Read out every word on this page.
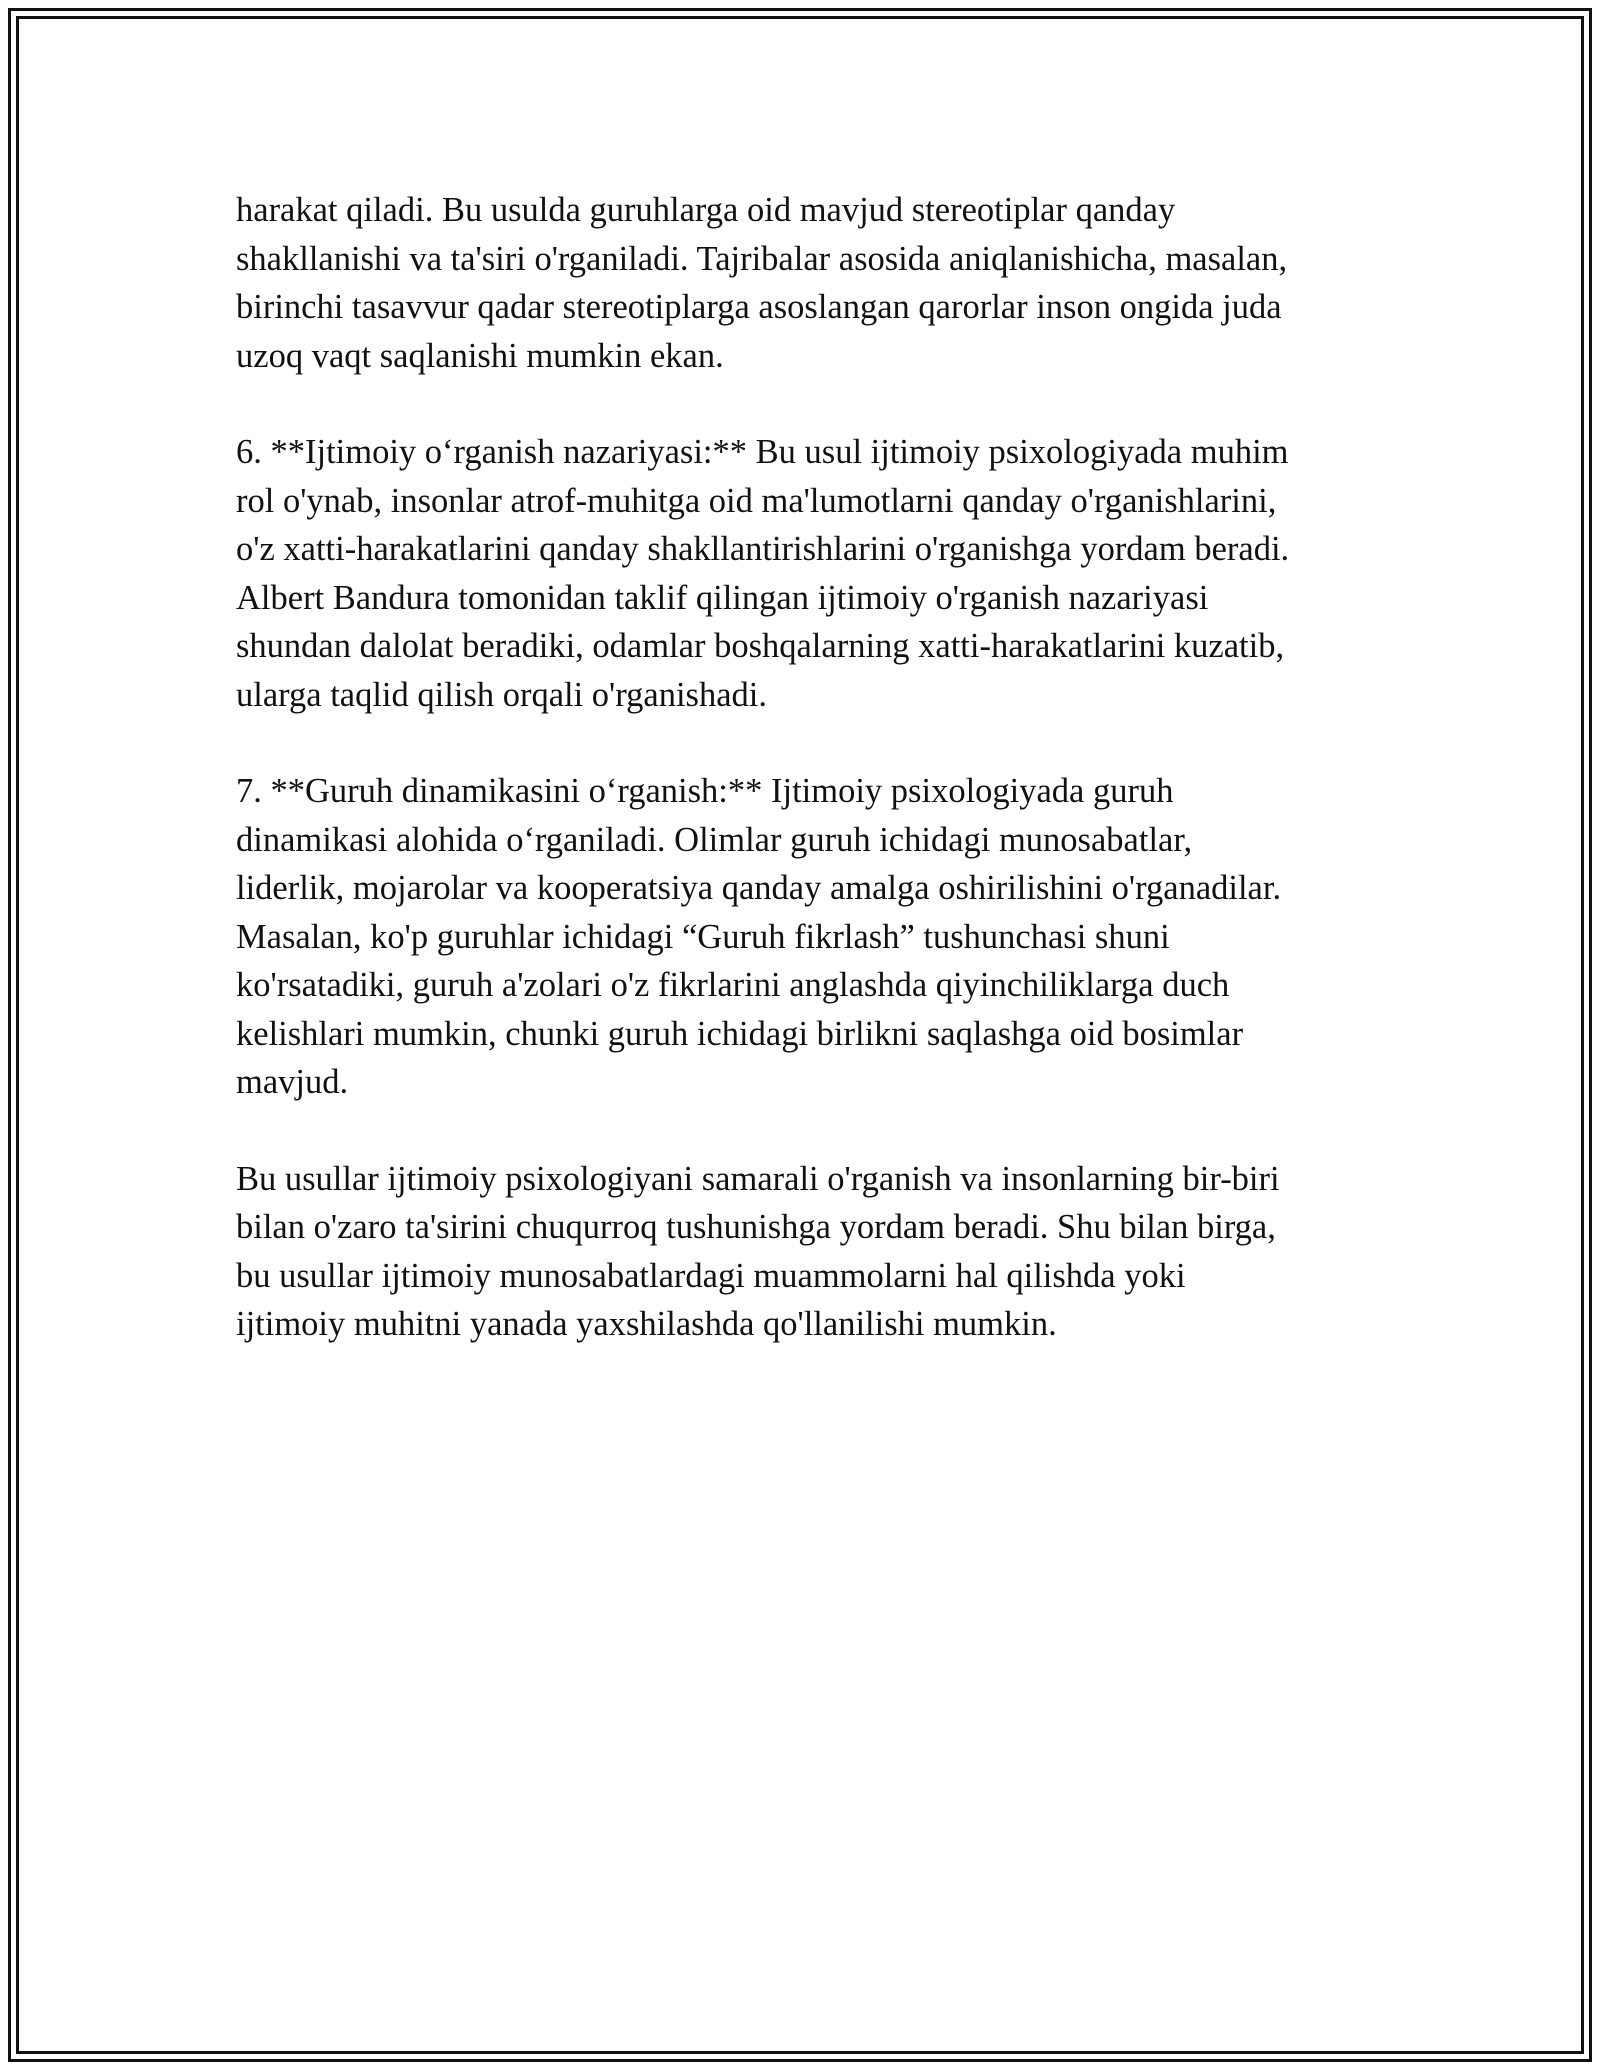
harakat qiladi. Bu usulda guruhlarga oid mavjud stereotiplar qanday
shakllanishi va ta'siri o'rganiladi. Tajribalar asosida aniqlanishicha, masalan,
birinchi tasavvur qadar stereotiplarga asoslangan qarorlar inson ongida juda
uzoq vaqt saqlanishi mumkin ekan.

6. **Ijtimoiy o‘rganish nazariyasi:** Bu usul ijtimoiy psixologiyada muhim
rol o'ynab, insonlar atrof-muhitga oid ma'lumotlarni qanday o'rganishlarini,
o'z xatti-harakatlarini qanday shakllantirishlarini o'rganishga yordam beradi.
Albert Bandura tomonidan taklif qilingan ijtimoiy o'rganish nazariyasi
shundan dalolat beradiki, odamlar boshqalarning xatti-harakatlarini kuzatib,
ularga taqlid qilish orqali o'rganishadi.

7. **Guruh dinamikasini o‘rganish:** Ijtimoiy psixologiyada guruh
dinamikasi alohida o‘rganiladi. Olimlar guruh ichidagi munosabatlar,
liderlik, mojarolar va kooperatsiya qanday amalga oshirilishini o'rganadilar.
Masalan, ko'p guruhlar ichidagi “Guruh fikrlash” tushunchasi shuni
ko'rsatadiki, guruh a'zolari o'z fikrlarini anglashda qiyinchiliklarga duch
kelishlari mumkin, chunki guruh ichidagi birlikni saqlashga oid bosimlar
mavjud.

Bu usullar ijtimoiy psixologiyani samarali o'rganish va insonlarning bir-biri
bilan o'zaro ta'sirini chuqurroq tushunishga yordam beradi. Shu bilan birga,
bu usullar ijtimoiy munosabatlardagi muammolarni hal qilishda yoki
ijtimoiy muhitni yanada yaxshilashda qo'llanilishi mumkin.
